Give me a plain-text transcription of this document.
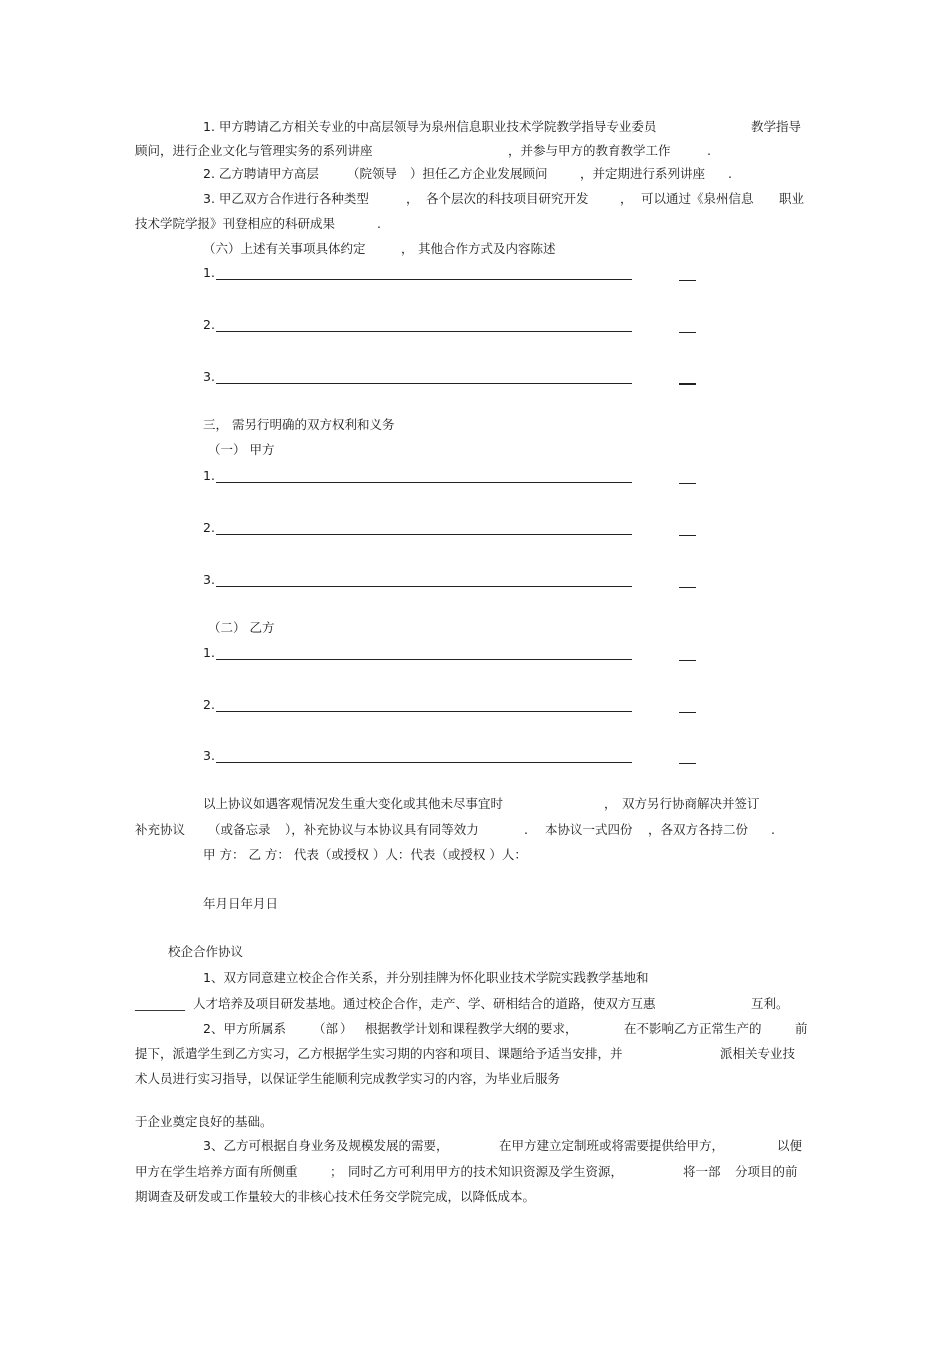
1. 甲方聘请乙方相关专业的中高层领导为泉州信息职业技术学院教学指导专业委员	教学指导
顾问，进行企业文化与管理实务的系列讲座	，并参与甲方的教育教学工作	.
2. 乙方聘请甲方高层 （院领导 ）担任乙方企业发展顾问	，并定期进行系列讲座 .
3. 甲乙双方合作进行各种类型	， 各个层次的科技项目研究开发	， 可以通过《泉州信息 职业
技术学院学报》刊登相应的科研成果	.
（六）上述有关事项具体约定	， 其他合作方式及内容陈述
1.
2.
3.
三， 需另行明确的双方权利和义务
（一） 甲方
1.
2.
3.
（二） 乙方
1.
2.
3.
以上协议如遇客观情况发生重大变化或其他未尽事宜时	， 双方另行协商解决并签订
补充协议 （或备忘录 ），补充协议与本协议具有同等效力	. 本协议一式四份 ，各双方各持二份 .
甲 方： 乙 方： 代表（或授权 ）人：代表（或授权 ）人：
年月日年月日
校企合作协议
1、双方同意建立校企合作关系，并分别挂牌为怀化职业技术学院实践教学基地和
________ 人才培养及项目研发基地。通过校企合作，走产、学、研相结合的道路，使双方互惠	互利。
2、甲方所属系 （部 ） 根据教学计划和课程教学大纲的要求，	在不影响乙方正常生产的	前
提下，派遣学生到乙方实习，乙方根据学生实习期的内容和项目、课题给予适当安排，并	派相关专业技
术人员进行实习指导，以保证学生能顺利完成教学实习的内容，为毕业后服务
于企业奠定良好的基础。
3、乙方可根据自身业务及规模发展的需要，	在甲方建立定制班或将需要提供给甲方，	以便
甲方在学生培养方面有所侧重	； 同时乙方可利用甲方的技术知识资源及学生资源，	将一部 分项目的前
期调查及研发或工作量较大的非核心技术任务交学院完成，以降低成本。
